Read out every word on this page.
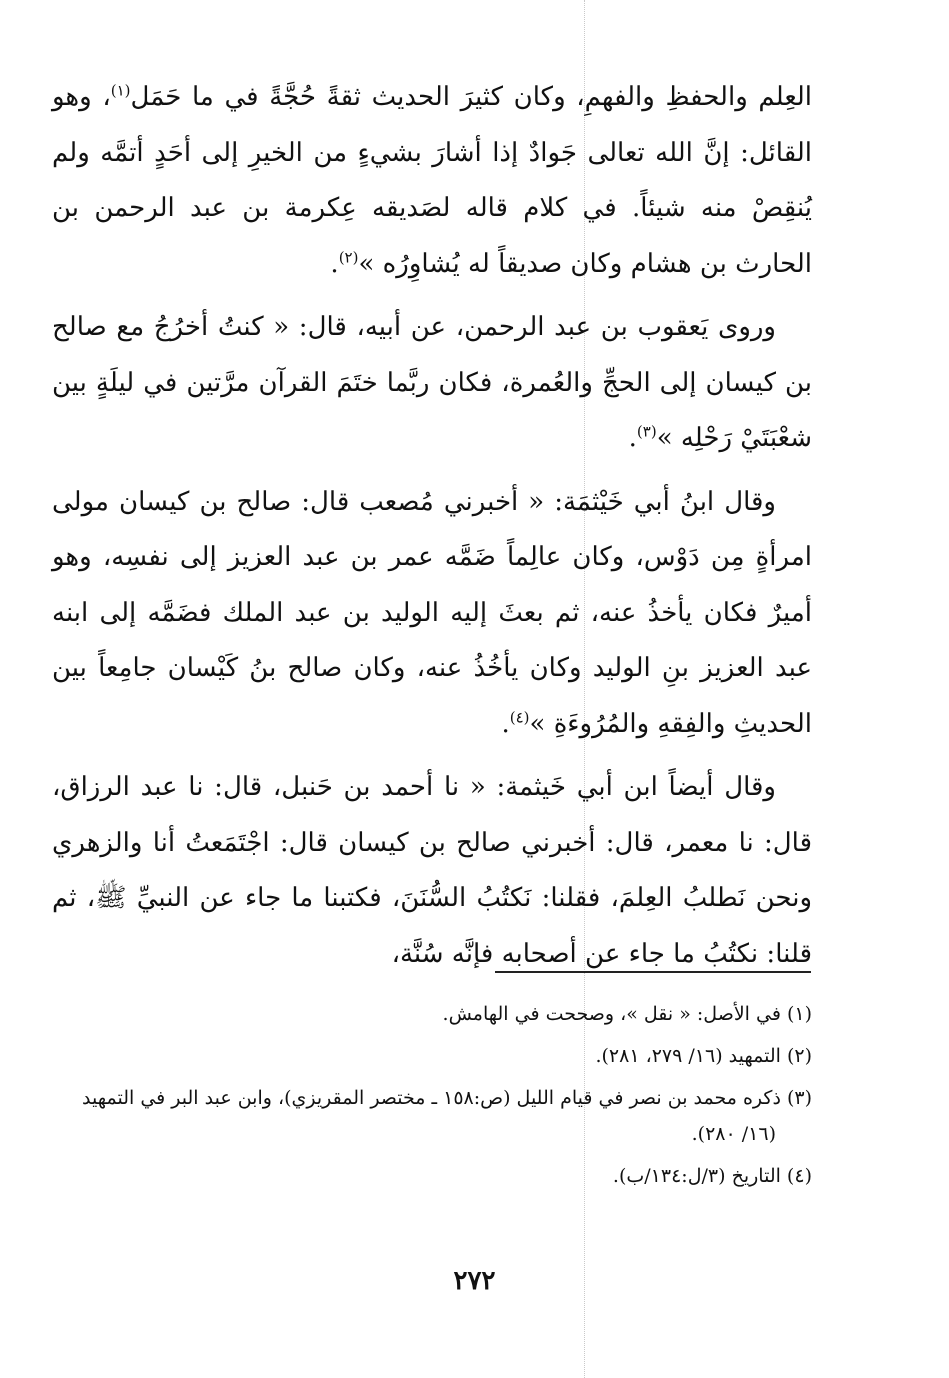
العِلم والحفظِ والفهمِ، وكان كثيرَ الحديث ثقةً حُجَّةً في ما حَمَل$^{(١)}$، وهو القائل: إنَّ الله تعالى جَوادٌ إذا أشارَ بشيءٍ من الخيرِ إلى أحَدٍ أتمَّه ولم يُنقِصْ منه شيئاً. في كلام قاله لصَديقه عِكرمة بن عبد الرحمن بن الحارث بن هشام وكان صديقاً له يُشاوِرُه »$^{(٢)}$.

وروى يَعقوب بن عبد الرحمن، عن أبيه، قال: « كنتُ أخرُجُ مع صالح بن كيسان إلى الحجِّ والعُمرة، فكان ربَّما ختَمَ القرآن مرَّتين في ليلَةٍ بين شعْبَتَيْ رَحْلِه »$^{(٣)}$.

وقال ابنُ أبي خَيْثمَة: « أخبرني مُصعب قال: صالح بن كيسان مولى امرأةٍ مِن دَوْس، وكان عالِماً ضَمَّه عمر بن عبد العزيز إلى نفسِه، وهو أميرٌ فكان يأخذُ عنه، ثم بعثَ إليه الوليد بن عبد الملك فضَمَّه إلى ابنه عبد العزيز بنِ الوليد وكان يأخُذُ عنه، وكان صالح بنُ كَيْسان جامِعاً بين الحديثِ والفِقهِ والمُرُوءَةِ »$^{(٤)}$.

وقال أيضاً ابن أبي خَيثمة: « نا أحمد بن حَنبل، قال: نا عبد الرزاق، قال: نا معمر، قال: أخبرني صالح بن كيسان قال: اجْتَمَعتُ أنا والزهري ونحن نَطلبُ العِلمَ، فقلنا: نَكتُبُ السُّنَنَ، فكتبنا ما جاء عن النبيِّ ﷺ، ثم قلنا: نكتُبُ ما جاء عن أصحابه فإنَّه سُنَّة،

(١) في الأصل: « نقل »، وصححت في الهامش.

(٢) التمهيد (١٦/ ٢٧٩، ٢٨١).

(٣) ذكره محمد بن نصر في قيام الليل (ص:١٥٨ ـ مختصر المقريزي)، وابن عبد البر في التمهيد (١٦/ ٢٨٠).

(٤) التاريخ (٣/ل:١٣٤/ب).

٢٧٢
